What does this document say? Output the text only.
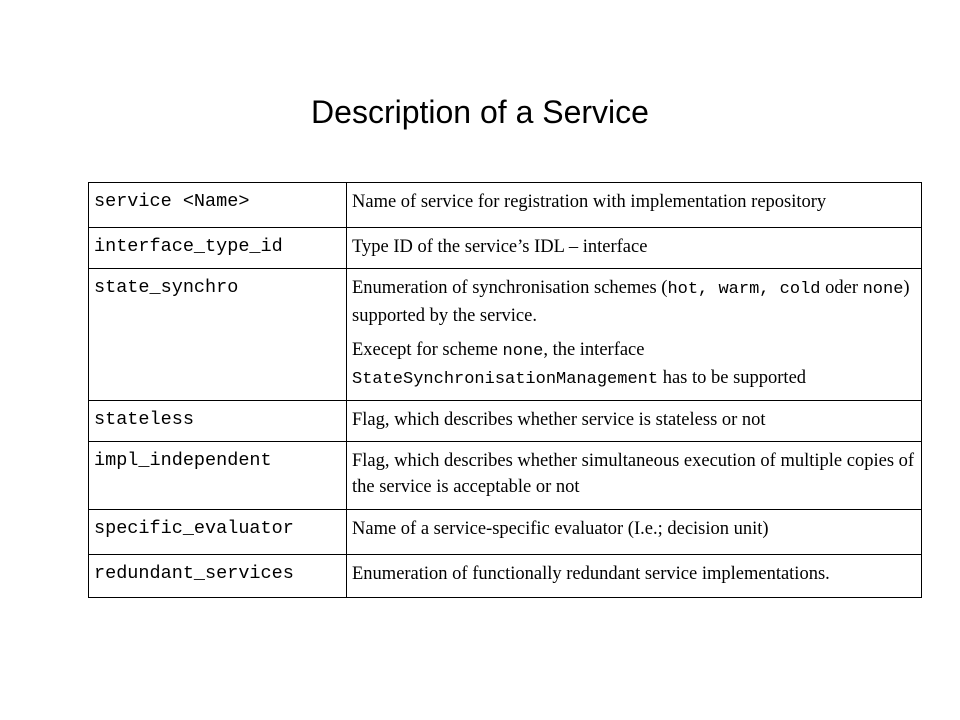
Description of a Service
service <Name>	Name of service for registration with implementation repository
interface_type_id	Type ID of the service’s IDL – interface
state_synchro	Enumeration of synchronisation schemes (hot, warm, cold oder none) supported by the service.
Execept for scheme none, the interface StateSynchronisationManagement has to be supported

stateless	Flag, which describes whether service is stateless or not
impl_independent	Flag, which describes whether simultaneous execution of multiple copies of the service is acceptable or not
specific_evaluator	Name of a service-specific evaluator (I.e.; decision unit)
redundant_services	Enumeration of functionally redundant service implementations.
